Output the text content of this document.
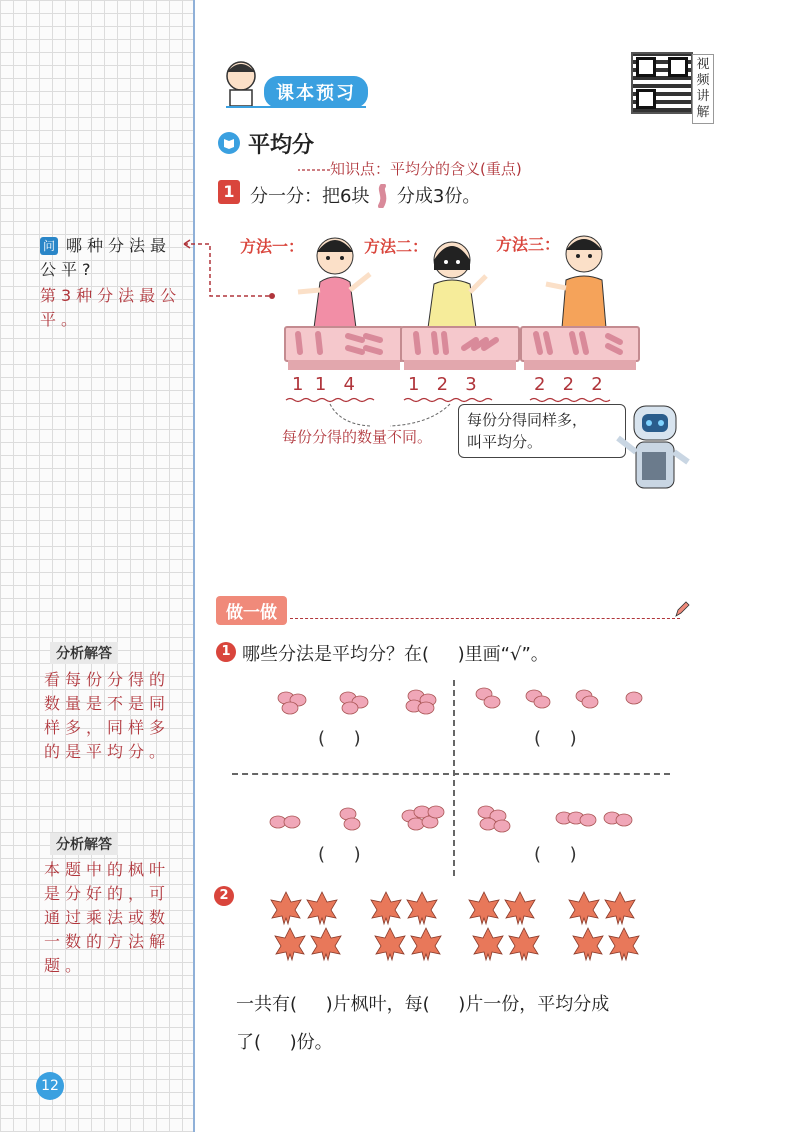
问 哪种分法最公平?
第3种分法最公平。
分析解答
看每份分得的数量是不是同样多，同样多的是平均分。
分析解答
本题中的枫叶是分好的，可通过乘法或数一数的方法解题。
12
课本预习
视频讲解
平均分
知识点：平均分的含义(重点)
1 分一分：把6块 分成3份。
方法一：	方法二：	方法三：
1  1   4	1   2   3	2   2   2
每份分得的数量不同。
每份分得同样多，
叫平均分。
做一做
1 哪些分法是平均分？在(     )里画“√”。
(     )	(     )
(     )	(     )
2
一共有(     )片枫叶，每(     )片一份，平均分成
了(     )份。
